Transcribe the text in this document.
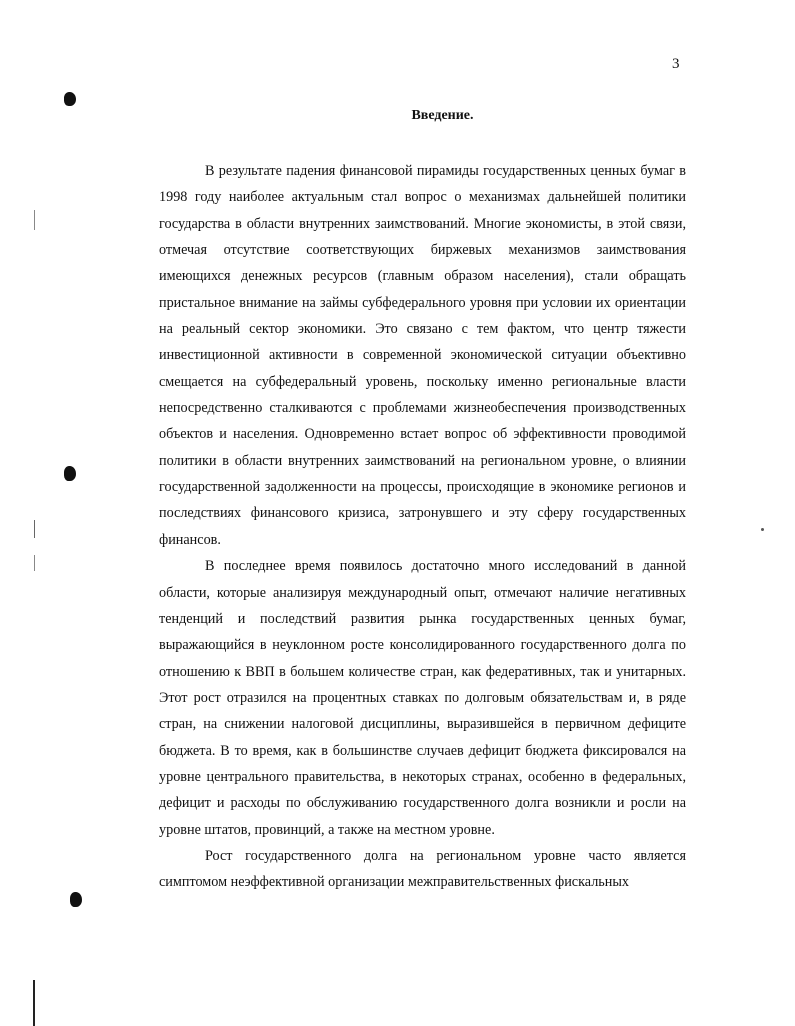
3
Введение.

В результате падения финансовой пирамиды государственных ценных бумаг в 1998 году наиболее актуальным стал вопрос о механизмах дальнейшей политики государства в области внутренних заимствований. Многие экономисты, в этой связи, отмечая отсутствие соответствующих биржевых механизмов заимствования имеющихся денежных ресурсов (главным образом населения), стали обращать пристальное внимание на займы субфедерального уровня при условии их ориентации на реальный сектор экономики. Это связано с тем фактом, что центр тяжести инвестиционной активности в современной экономической ситуации объективно смещается на субфедеральный уровень, поскольку именно региональные власти непосредственно сталкиваются с проблемами жизнеобеспечения производственных объектов и населения. Одновременно встает вопрос об эффективности проводимой политики в области внутренних заимствований на региональном уровне, о влиянии государственной задолженности на процессы, происходящие в экономике регионов и последствиях финансового кризиса, затронувшего и эту сферу государственных финансов.

В последнее время появилось достаточно много исследований в данной области, которые анализируя международный опыт, отмечают наличие негативных тенденций и последствий развития рынка государственных ценных бумаг, выражающийся в неуклонном росте консолидированного государственного долга по отношению к ВВП в большем количестве стран, как федеративных, так и унитарных. Этот рост отразился на процентных ставках по долговым обязательствам и, в ряде стран, на снижении налоговой дисциплины, выразившейся в первичном дефиците бюджета. В то время, как в большинстве случаев дефицит бюджета фиксировался на уровне центрального правительства, в некоторых странах, особенно в федеральных, дефицит и расходы по обслуживанию государственного долга возникли и росли на уровне штатов, провинций, а также на местном уровне.

Рост государственного долга на региональном уровне часто является симптомом неэффективной организации межправительственных фискальных
